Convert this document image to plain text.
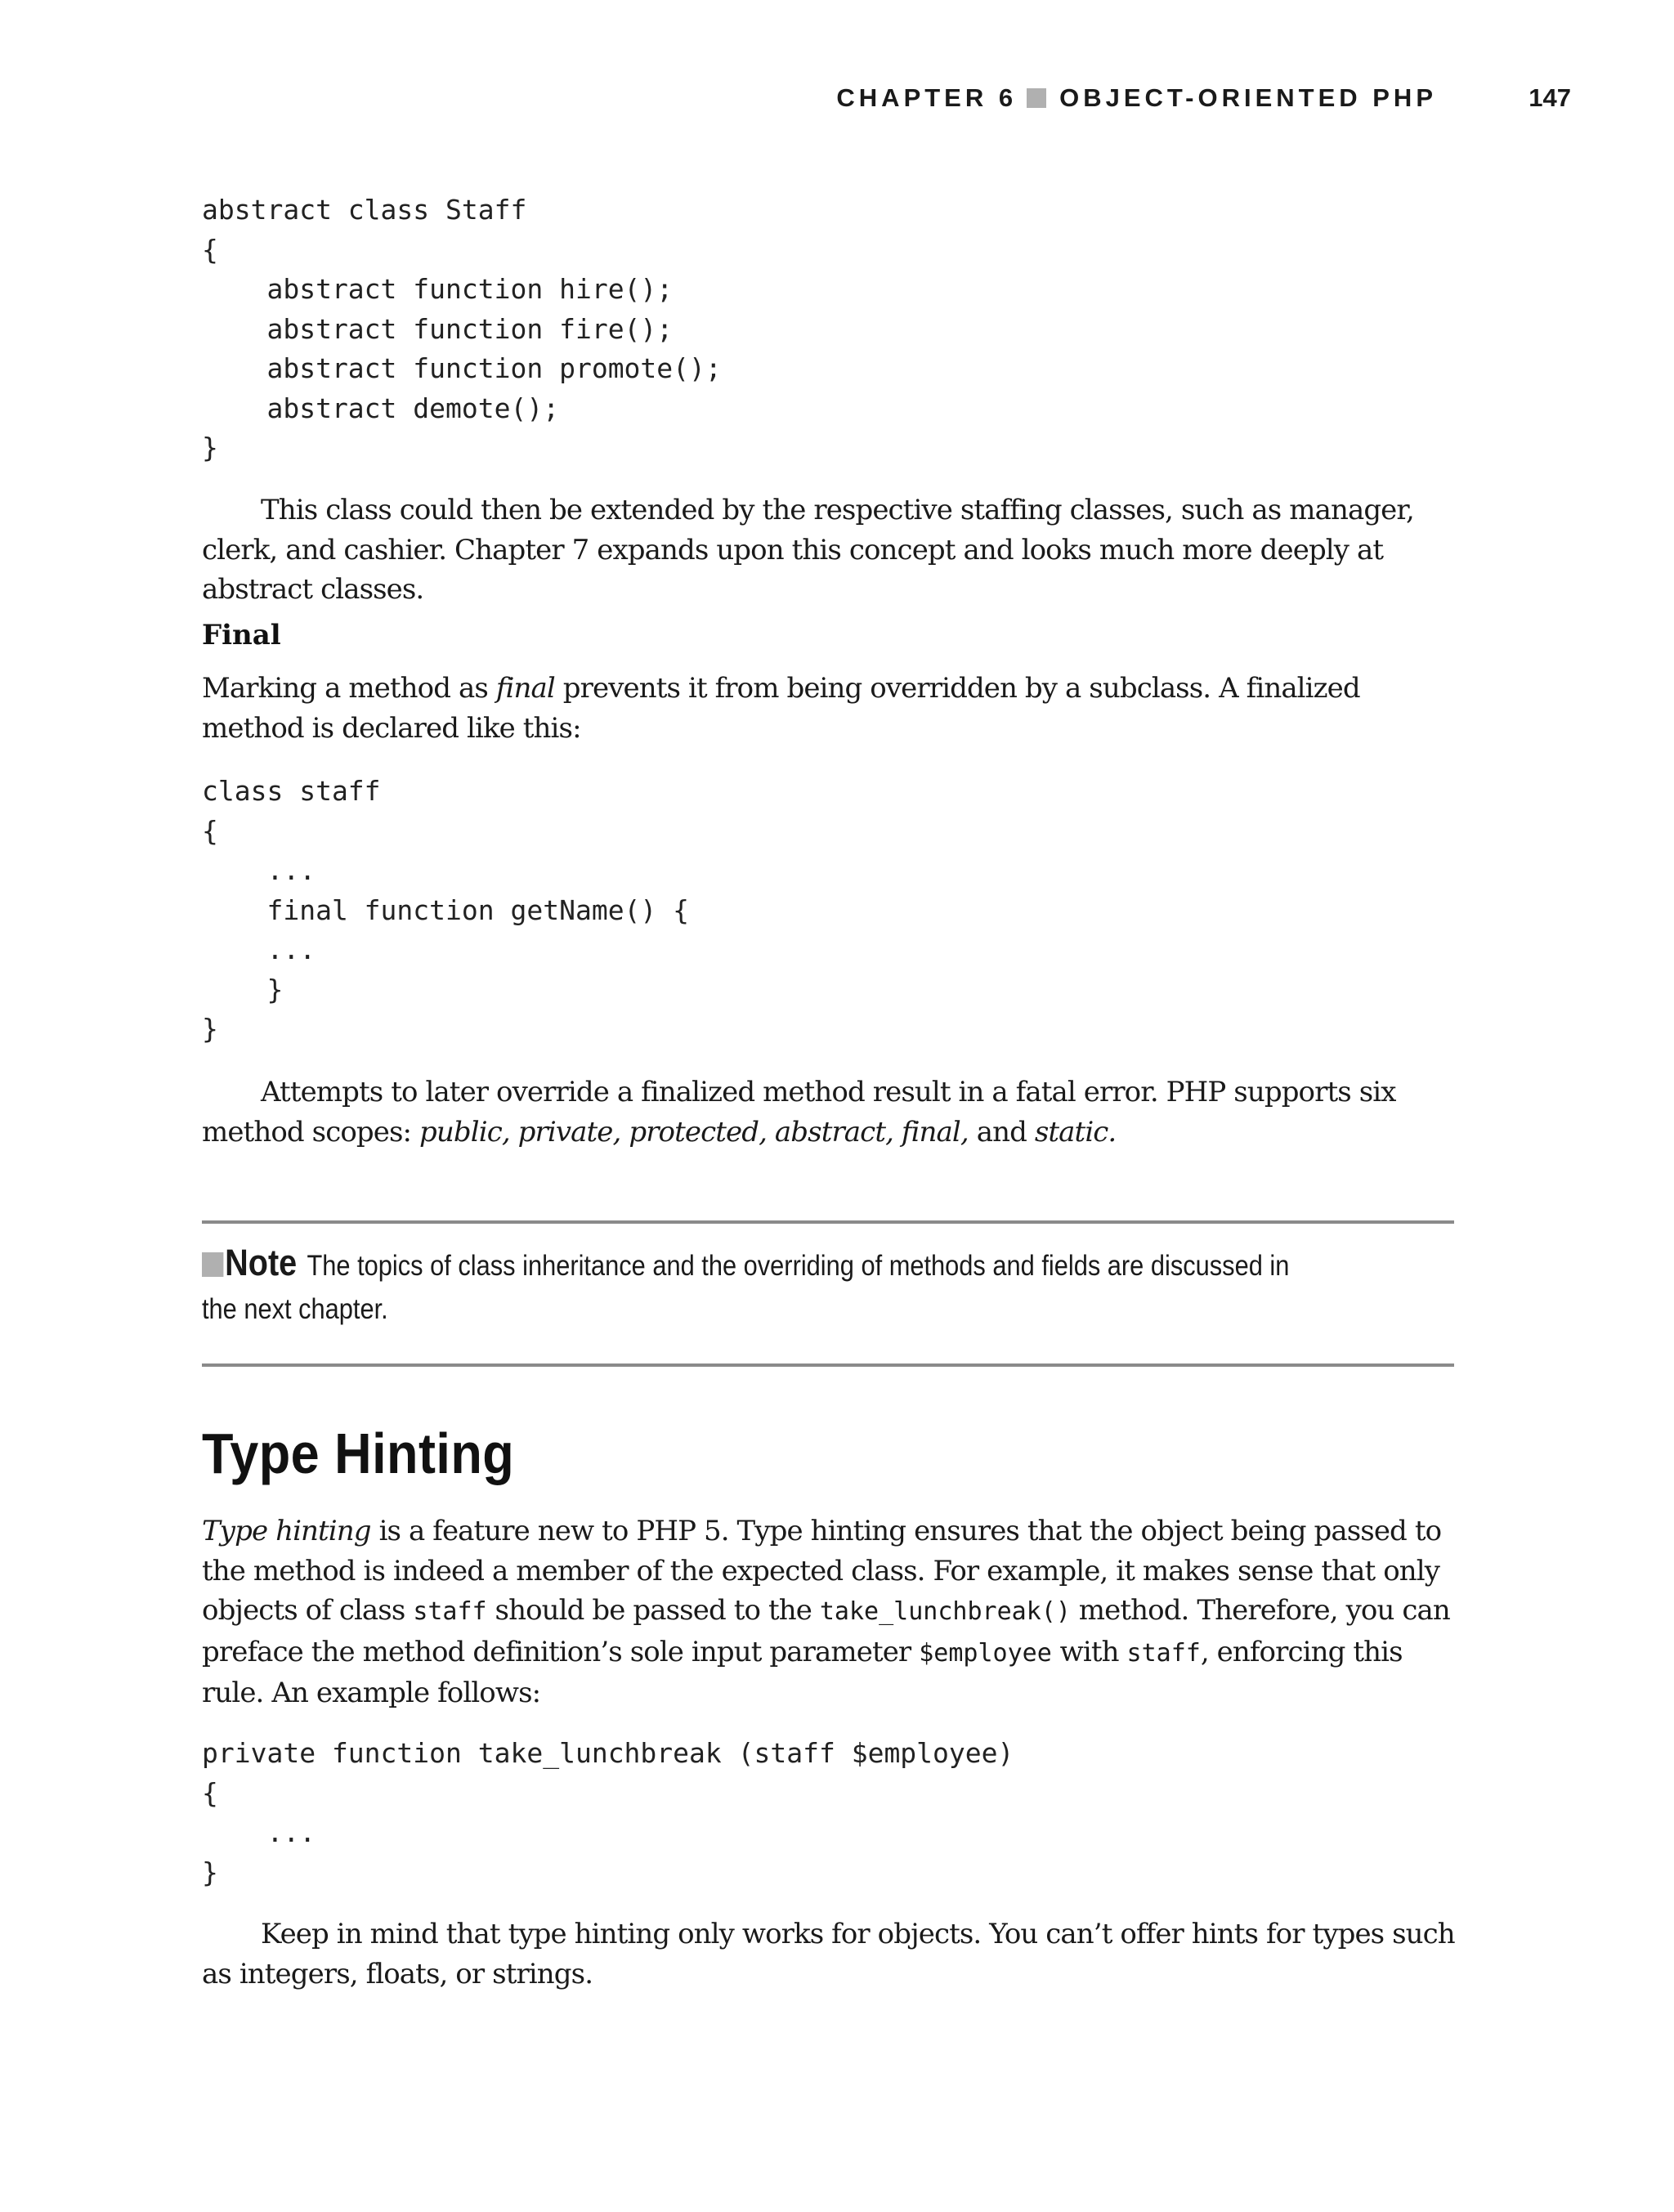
CHAPTER 6 OBJECT-ORIENTED PHP	147
abstract class Staff
{
abstract function hire();
abstract function fire();
abstract function promote();
abstract demote();
}

This class could then be extended by the respective staffing classes, such as manager, clerk, and cashier. Chapter 7 expands upon this concept and looks much more deeply at abstract classes.

Final

Marking a method as final prevents it from being overridden by a subclass. A finalized method is declared like this:

class staff
{
...
final function getName() {
...
}
}

Attempts to later override a finalized method result in a fatal error. PHP supports six method scopes: public, private, protected, abstract, final, and static.

Note The topics of class inheritance and the overriding of methods and fields are discussed in the next chapter.
Type Hinting

Type hinting is a feature new to PHP 5. Type hinting ensures that the object being passed to the method is indeed a member of the expected class. For example, it makes sense that only objects of class staff should be passed to the take_lunchbreak() method. Therefore, you can preface the method definition’s sole input parameter $employee with staff, enforcing this rule. An example follows:

private function take_lunchbreak (staff $employee)
{
...
}

Keep in mind that type hinting only works for objects. You can’t offer hints for types such as integers, floats, or strings.
